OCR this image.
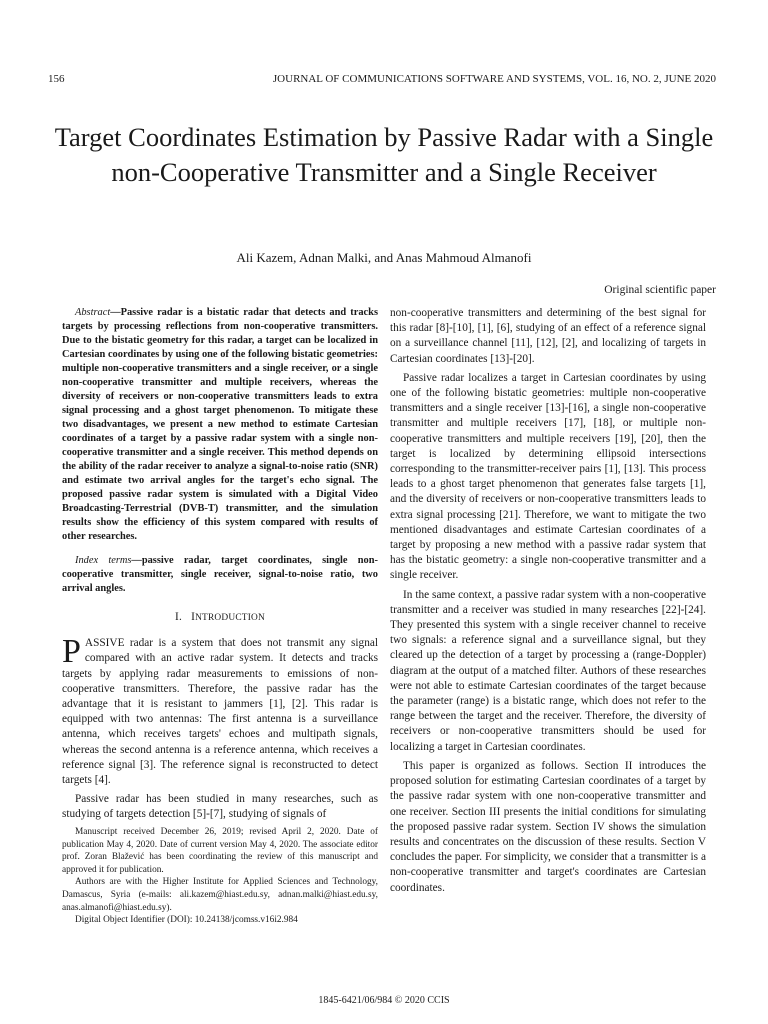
156	JOURNAL OF COMMUNICATIONS SOFTWARE AND SYSTEMS, VOL. 16, NO. 2, JUNE 2020
Target Coordinates Estimation by Passive Radar with a Single non-Cooperative Transmitter and a Single Receiver
Ali Kazem, Adnan Malki, and Anas Mahmoud Almanofi
Original scientific paper

Abstract—Passive radar is a bistatic radar that detects and tracks targets by processing reflections from non-cooperative transmitters. Due to the bistatic geometry for this radar, a target can be localized in Cartesian coordinates by using one of the following bistatic geometries: multiple non-cooperative transmitters and a single receiver, or a single non-cooperative transmitter and multiple receivers, whereas the diversity of receivers or non-cooperative transmitters leads to extra signal processing and a ghost target phenomenon. To mitigate these two disadvantages, we present a new method to estimate Cartesian coordinates of a target by a passive radar system with a single non-cooperative transmitter and a single receiver. This method depends on the ability of the radar receiver to analyze a signal-to-noise ratio (SNR) and estimate two arrival angles for the target's echo signal. The proposed passive radar system is simulated with a Digital Video Broadcasting-Terrestrial (DVB-T) transmitter, and the simulation results show the efficiency of this system compared with results of other researches.

Index terms—passive radar, target coordinates, single non-cooperative transmitter, single receiver, signal-to-noise ratio, two arrival angles.

I. INTRODUCTION

PASSIVE radar is a system that does not transmit any signal compared with an active radar system. It detects and tracks targets by applying radar measurements to emissions of non-cooperative transmitters. Therefore, the passive radar has the advantage that it is resistant to jammers [1], [2]. This radar is equipped with two antennas: The first antenna is a surveillance antenna, which receives targets' echoes and multipath signals, whereas the second antenna is a reference antenna, which receives a reference signal [3]. The reference signal is reconstructed to detect targets [4].

Passive radar has been studied in many researches, such as studying of targets detection [5]-[7], studying of signals of

Manuscript received December 26, 2019; revised April 2, 2020. Date of publication May 4, 2020. Date of current version May 4, 2020. The associate editor prof. Zoran Blažević has been coordinating the review of this manuscript and approved it for publication.

Authors are with the Higher Institute for Applied Sciences and Technology, Damascus, Syria (e-mails: ali.kazem@hiast.edu.sy, adnan.malki@hiast.edu.sy, anas.almanofi@hiast.edu.sy).

Digital Object Identifier (DOI): 10.24138/jcomss.v16i2.984

non-cooperative transmitters and determining of the best signal for this radar [8]-[10], [1], [6], studying of an effect of a reference signal on a surveillance channel [11], [12], [2], and localizing of targets in Cartesian coordinates [13]-[20].

Passive radar localizes a target in Cartesian coordinates by using one of the following bistatic geometries: multiple non-cooperative transmitters and a single receiver [13]-[16], a single non-cooperative transmitter and multiple receivers [17], [18], or multiple non-cooperative transmitters and multiple receivers [19], [20], then the target is localized by determining ellipsoid intersections corresponding to the transmitter-receiver pairs [1], [13]. This process leads to a ghost target phenomenon that generates false targets [1], and the diversity of receivers or non-cooperative transmitters leads to extra signal processing [21]. Therefore, we want to mitigate the two mentioned disadvantages and estimate Cartesian coordinates of a target by proposing a new method with a passive radar system that has the bistatic geometry: a single non-cooperative transmitter and a single receiver.

In the same context, a passive radar system with a non-cooperative transmitter and a receiver was studied in many researches [22]-[24]. They presented this system with a single receiver channel to receive two signals: a reference signal and a surveillance signal, but they cleared up the detection of a target by processing a (range-Doppler) diagram at the output of a matched filter. Authors of these researches were not able to estimate Cartesian coordinates of the target because the parameter (range) is a bistatic range, which does not refer to the range between the target and the receiver. Therefore, the diversity of receivers or non-cooperative transmitters should be used for localizing a target in Cartesian coordinates.

This paper is organized as follows. Section II introduces the proposed solution for estimating Cartesian coordinates of a target by the passive radar system with one non-cooperative transmitter and one receiver. Section III presents the initial conditions for simulating the proposed passive radar system. Section IV shows the simulation results and concentrates on the discussion of these results. Section V concludes the paper. For simplicity, we consider that a transmitter is a non-cooperative transmitter and target's coordinates are Cartesian coordinates.

1845-6421/06/984 © 2020 CCIS
